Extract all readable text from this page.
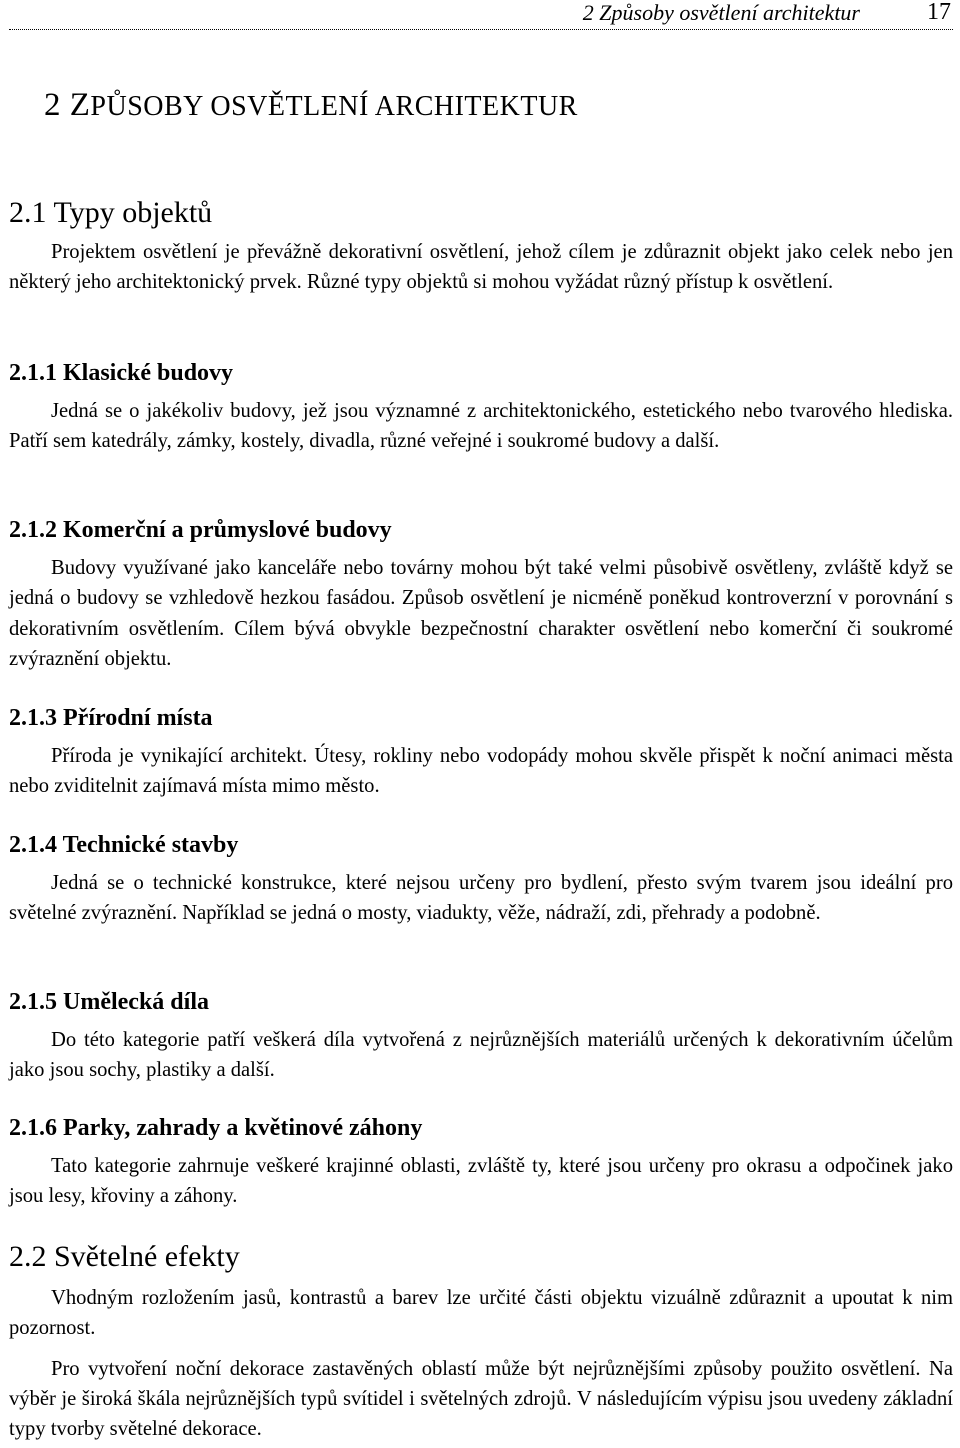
2 Způsoby osvětlení architektur	17
2 ZPŮSOBY OSVĚTLENÍ ARCHITEKTUR
2.1 Typy objektů

Projektem osvětlení je převážně dekorativní osvětlení, jehož cílem je zdůraznit objekt jako celek nebo jen některý jeho architektonický prvek. Různé typy objektů si mohou vyžádat různý přístup k osvětlení.

2.1.1 Klasické budovy

Jedná se o jakékoliv budovy, jež jsou významné z architektonického, estetického nebo tvarového hlediska. Patří sem katedrály, zámky, kostely, divadla, různé veřejné i soukromé budovy a další.

2.1.2 Komerční a průmyslové budovy

Budovy využívané jako kanceláře nebo továrny mohou být také velmi působivě osvětleny, zvláště když se jedná o budovy se vzhledově hezkou fasádou. Způsob osvětlení je nicméně poněkud kontroverzní v porovnání s dekorativním osvětlením. Cílem bývá obvykle bezpečnostní charakter osvětlení nebo komerční či soukromé zvýraznění objektu.

2.1.3 Přírodní místa

Příroda je vynikající architekt. Útesy, rokliny nebo vodopády mohou skvěle přispět k noční animaci města nebo zviditelnit zajímavá místa mimo město.

2.1.4 Technické stavby

Jedná se o technické konstrukce, které nejsou určeny pro bydlení, přesto svým tvarem jsou ideální pro světelné zvýraznění. Například se jedná o mosty, viadukty, věže, nádraží, zdi, přehrady a podobně.

2.1.5 Umělecká díla

Do této kategorie patří veškerá díla vytvořená z nejrůznějších materiálů určených k dekorativním účelům jako jsou sochy, plastiky a další.

2.1.6 Parky, zahrady a květinové záhony

Tato kategorie zahrnuje veškeré krajinné oblasti, zvláště ty, které jsou určeny pro okrasu a odpočinek jako jsou lesy, křoviny a záhony.

2.2 Světelné efekty

Vhodným rozložením jasů, kontrastů a barev lze určité části objektu vizuálně zdůraznit a upoutat k nim pozornost.

Pro vytvoření noční dekorace zastavěných oblastí může být nejrůznějšími způsoby použito osvětlení. Na výběr je široká škála nejrůznějších typů svítidel i světelných zdrojů. V následujícím výpisu jsou uvedeny základní typy tvorby světelné dekorace.
